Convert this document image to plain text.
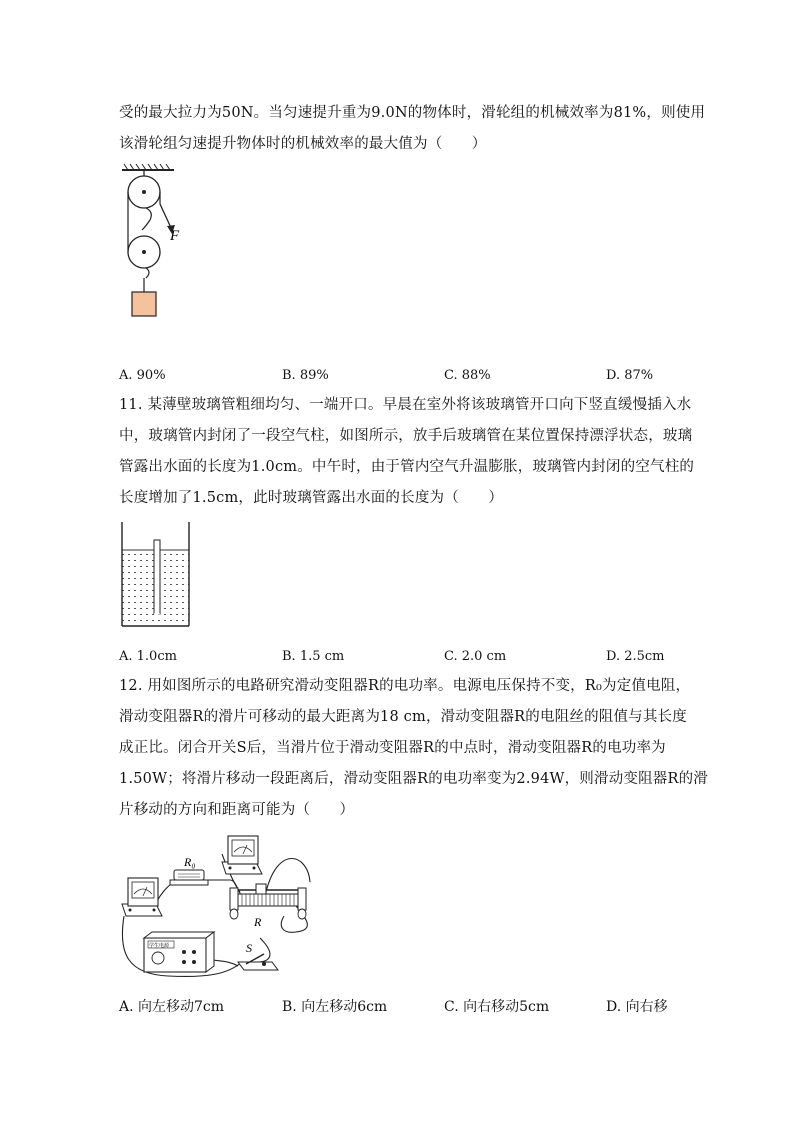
受的最大拉力为50N。当匀速提升重为9.0N的物体时，滑轮组的机械效率为81%，则使用
该滑轮组匀速提升物体时的机械效率的最大值为（　　）
F
A. 90%	B. 89%	C. 88%	D. 87%
11. 某薄壁玻璃管粗细均匀、一端开口。早晨在室外将该玻璃管开口向下竖直缓慢插入水
中，玻璃管内封闭了一段空气柱，如图所示，放手后玻璃管在某位置保持漂浮状态，玻璃
管露出水面的长度为1.0cm。中午时，由于管内空气升温膨胀，玻璃管内封闭的空气柱的
长度增加了1.5cm，此时玻璃管露出水面的长度为（　　）
A. 1.0cm	B. 1.5 cm	C. 2.0 cm	D. 2.5cm
12. 用如图所示的电路研究滑动变阻器R的电功率。电源电压保持不变，R₀为定值电阻，
滑动变阻器R的滑片可移动的最大距离为18 cm，滑动变阻器R的电阻丝的阻值与其长度
成正比。闭合开关S后，当滑片位于滑动变阻器R的中点时，滑动变阻器R的电功率为
1.50W；将滑片移动一段距离后，滑动变阻器R的电功率变为2.94W，则滑动变阻器R的滑
片移动的方向和距离可能为（　　）
R₀
R
学生电源	S
A. 向左移动7cm	B. 向左移动6cm	C. 向右移动5cm	D. 向右移
